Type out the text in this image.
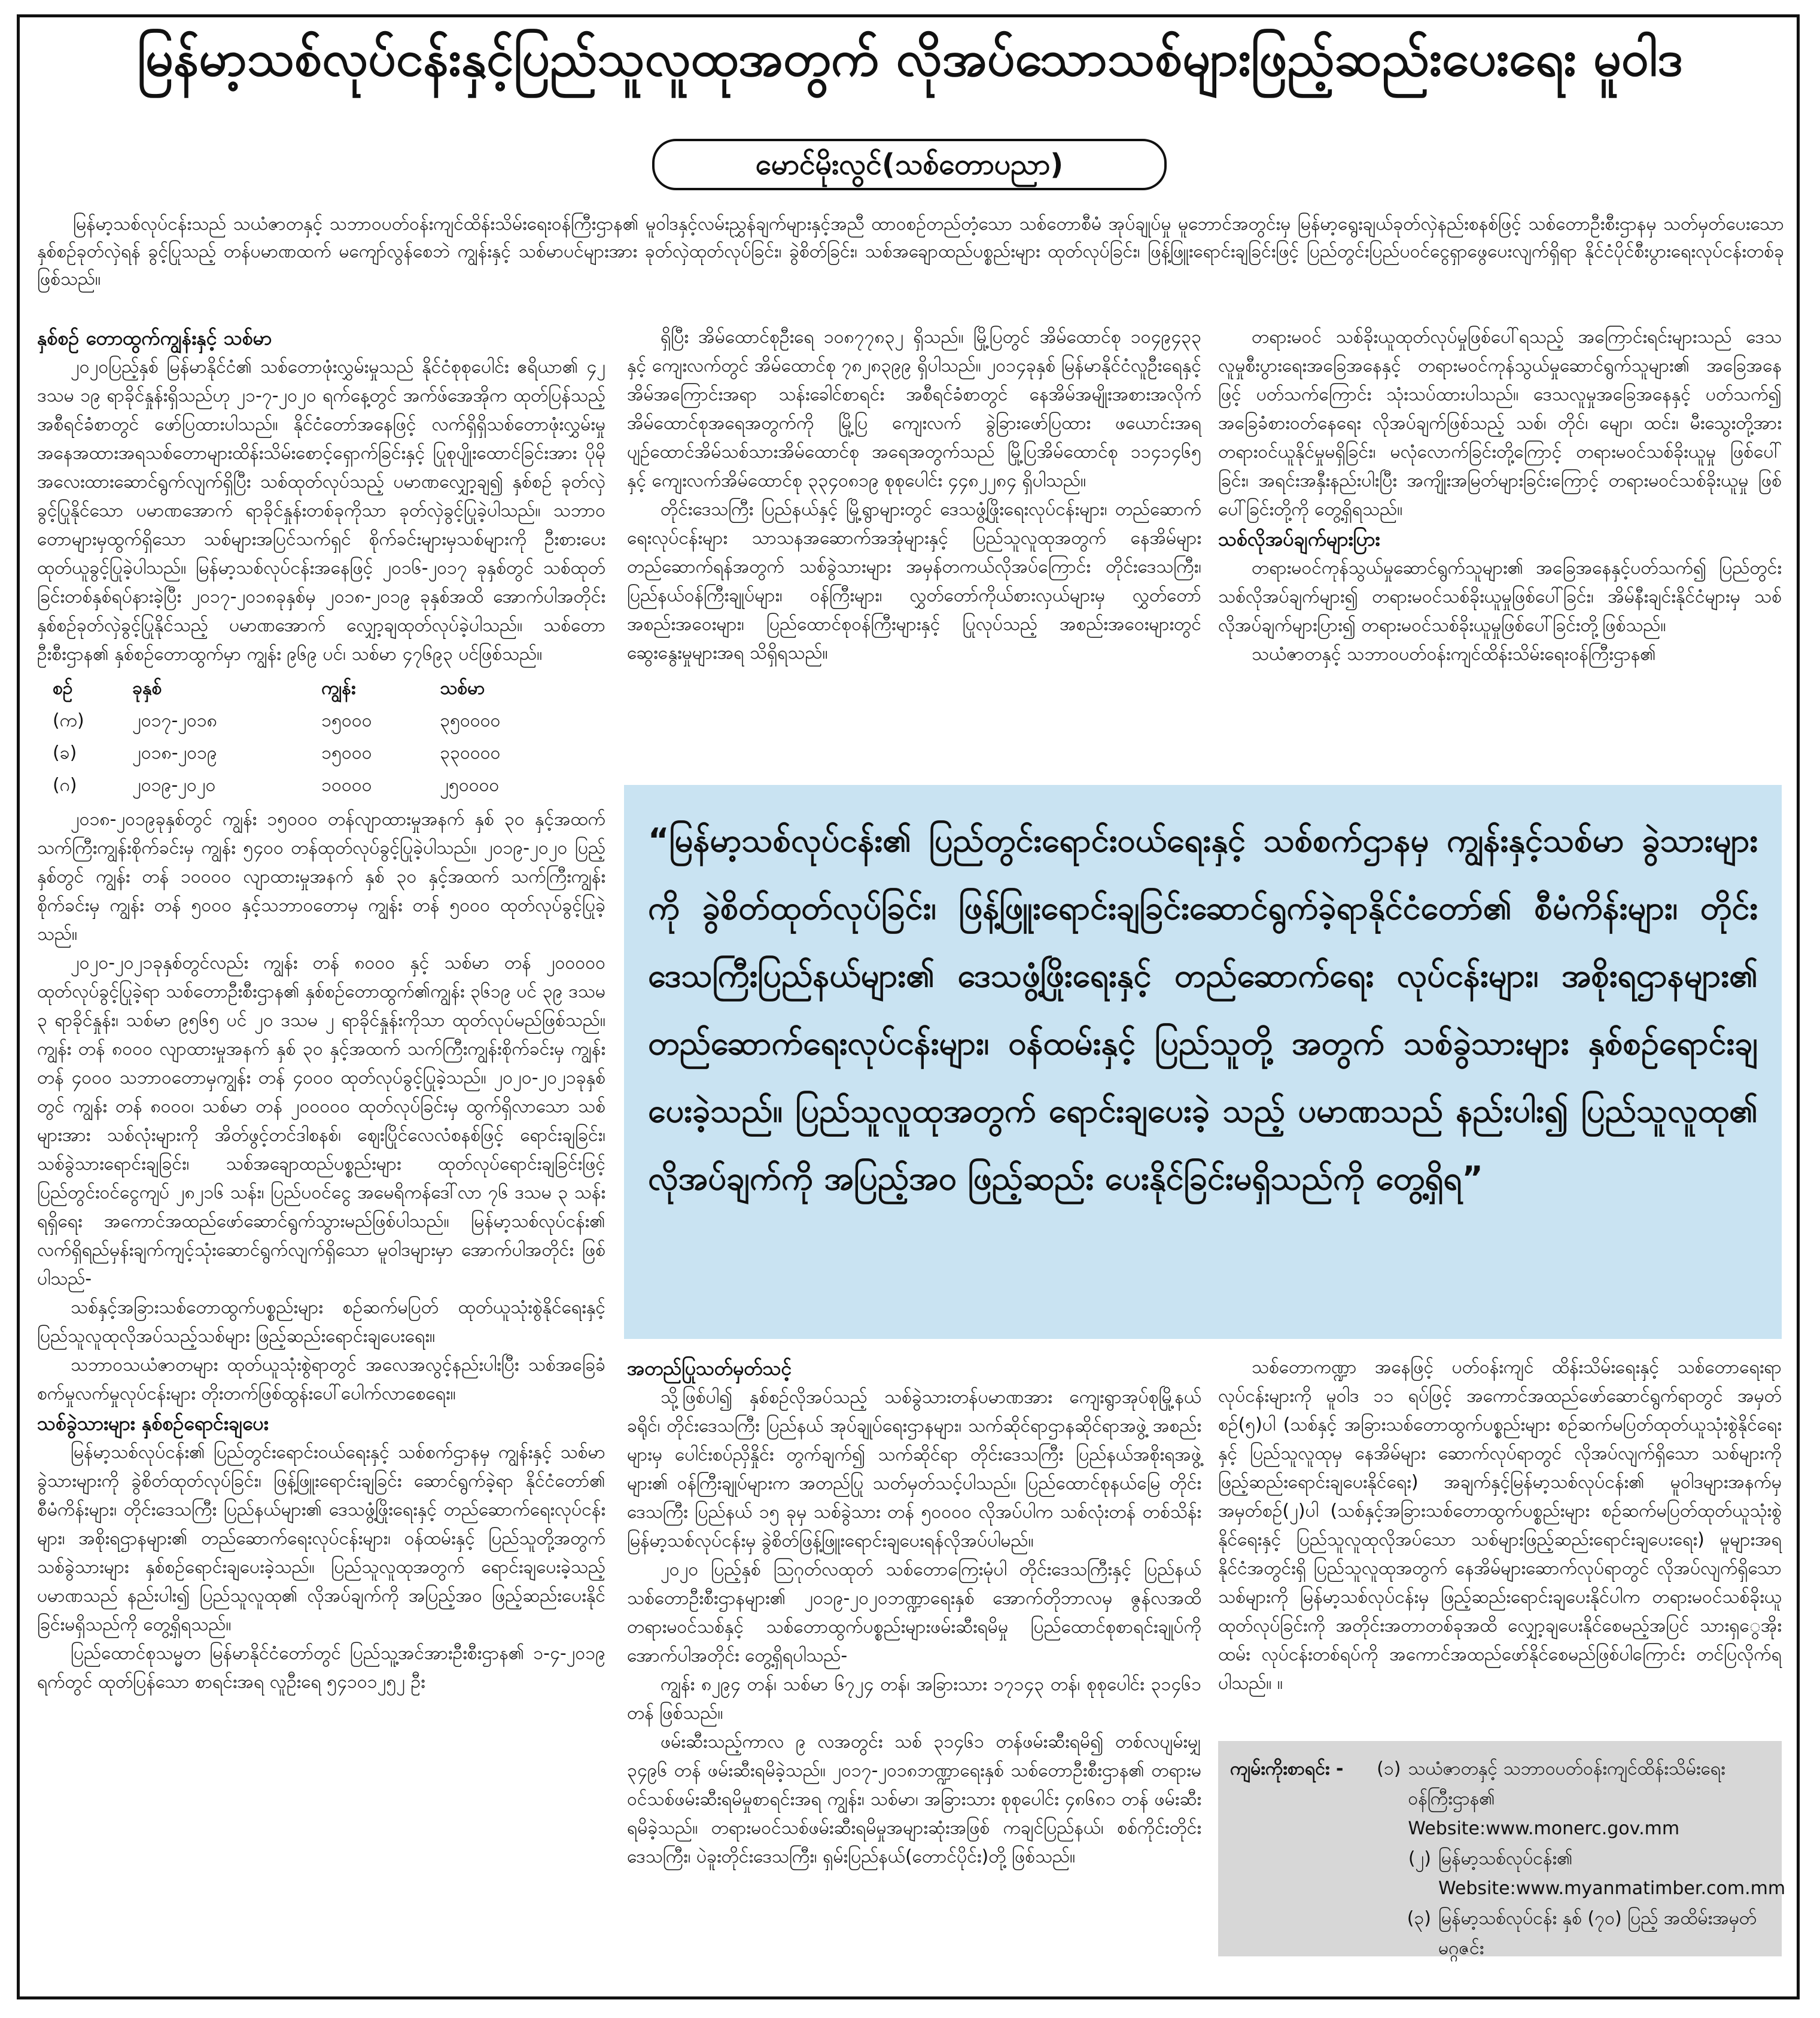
မြန်မာ့သစ်လုပ်ငန်းနှင့်ပြည်သူလူထုအတွက် လိုအပ်သောသစ်များဖြည့်ဆည်းပေးရေး မူဝါဒ
မောင်မိုးလွင်(သစ်တောပညာ)
မြန်မာ့သစ်လုပ်ငန်းသည် သယံဇာတနှင့် သဘာဝပတ်ဝန်းကျင်ထိန်းသိမ်းရေးဝန်ကြီးဌာန၏ မူဝါဒနှင့်လမ်းညွှန်ချက်များနှင့်အညီ ထာဝစဉ်တည်တံ့သော သစ်တောစီမံ အုပ်ချုပ်မှု မူဘောင်အတွင်းမှ မြန်မာ့ရွေးချယ်ခုတ်လှဲနည်းစနစ်ဖြင့် သစ်တောဦးစီးဌာနမှ သတ်မှတ်ပေးသော နှစ်စဉ်ခုတ်လှဲရန် ခွင့်ပြုသည့် တန်ပမာဏထက် မကျော်လွန်စေဘဲ ကျွန်းနှင့် သစ်မာပင်များအား ခုတ်လှဲထုတ်လုပ်ခြင်း၊ ခွဲစိတ်ခြင်း၊ သစ်အချောထည်ပစ္စည်းများ ထုတ်လုပ်ခြင်း၊ ဖြန့်ဖြူးရောင်းချခြင်းဖြင့် ပြည်တွင်းပြည်ပဝင်ငွေရှာဖွေပေးလျက်ရှိရာ နိုင်ငံပိုင်စီးပွားရေးလုပ်ငန်းတစ်ခုဖြစ်သည်။
နှစ်စဉ် တောထွက်ကျွန်းနှင့် သစ်မာ

၂၀၂၀ပြည့်နှစ် မြန်မာနိုင်ငံ၏ သစ်တောဖုံးလွှမ်းမှုသည် နိုင်ငံစုစုပေါင်း ဧရိယာ၏ ၄၂ ဒသမ ၁၉ ရာခိုင်နှုန်းရှိသည်ဟု ၂၁-၇-၂၀၂၀ ရက်နေ့တွင် အက်ဖ်အေအိုက ထုတ်ပြန်သည့် အစီရင်ခံစာတွင် ဖော်ပြထားပါသည်။ နိုင်ငံတော်အနေဖြင့် လက်ရှိရှိသစ်တောဖုံးလွှမ်းမှုအနေအထားအရသစ်တောများထိန်းသိမ်းစောင့်ရှောက်ခြင်းနှင့် ပြုစုပျိုးထောင်ခြင်းအား ပိုမိုအလေးထားဆောင်ရွက်လျက်ရှိပြီး သစ်ထုတ်လုပ်သည့် ပမာဏလျှော့ချ၍ နှစ်စဉ် ခုတ်လှဲခွင့်ပြုနိုင်သော ပမာဏအောက် ရာခိုင်နှုန်းတစ်ခုကိုသာ ခုတ်လှဲခွင့်ပြုခဲ့ပါသည်။ သဘာဝတောများမှထွက်ရှိသော သစ်များအပြင်သက်ရှင် စိုက်ခင်းများမှသစ်များကို ဦးစားပေးထုတ်ယူခွင့်ပြုခဲ့ပါသည်။ မြန်မာ့သစ်လုပ်ငန်းအနေဖြင့် ၂၀၁၆-၂၀၁၇ ခုနှစ်တွင် သစ်ထုတ်ခြင်းတစ်နှစ်ရပ်နားခဲ့ပြီး ၂၀၁၇-၂၀၁၈ခုနှစ်မှ ၂၀၁၈-၂၀၁၉ ခုနှစ်အထိ အောက်ပါအတိုင်း နှစ်စဉ်ခုတ်လှဲခွင့်ပြုနိုင်သည့် ပမာဏအောက် လျှော့ချထုတ်လုပ်ခဲ့ပါသည်။ သစ်တောဦးစီးဌာန၏ နှစ်စဉ်တောထွက်မှာ ကျွန်း ၉၆၉ ပင်၊ သစ်မာ ၄၇၆၉၃ ပင်ဖြစ်သည်။

စဉ်	ခုနှစ်	ကျွန်း	သစ်မာ
(က)	၂၀၁၇-၂၀၁၈	၁၅၀၀၀	၃၅၀၀၀၀
(ခ)	၂၀၁၈-၂၀၁၉	၁၅၀၀၀	၃၃၀၀၀၀
(ဂ)	၂၀၁၉-၂၀၂၀	၁၀၀၀၀	၂၅၀၀၀၀

၂၀၁၈-၂၀၁၉ခုနှစ်တွင် ကျွန်း ၁၅၀၀၀ တန်လျာထားမှုအနက် နှစ် ၃၀ နှင့်အထက် သက်ကြီးကျွန်းစိုက်ခင်းမှ ကျွန်း ၅၄၀၀ တန်ထုတ်လုပ်ခွင့်ပြုခဲ့ပါသည်။ ၂၀၁၉-၂၀၂၀ ပြည့်နှစ်တွင် ကျွန်း တန် ၁၀၀၀၀ လျာထားမှုအနက် နှစ် ၃၀ နှင့်အထက် သက်ကြီးကျွန်းစိုက်ခင်းမှ ကျွန်း တန် ၅၀၀၀ နှင့်သဘာဝတောမှ ကျွန်း တန် ၅၀၀၀ ထုတ်လုပ်ခွင့်ပြုခဲ့သည်။

၂၀၂၀-၂၀၂၁ခုနှစ်တွင်လည်း ကျွန်း တန် ၈၀၀၀ နှင့် သစ်မာ တန် ၂၀၀၀၀၀ ထုတ်လုပ်ခွင့်ပြုခဲ့ရာ သစ်တောဦးစီးဌာန၏ နှစ်စဉ်တောထွက်၏ကျွန်း ၃၆၁၉ ပင် ၃၉ ဒသမ ၃ ရာခိုင်နှုန်း၊ သစ်မာ ၉၅၆၅ ပင် ၂၀ ဒသမ ၂ ရာခိုင်နှုန်းကိုသာ ထုတ်လုပ်မည်ဖြစ်သည်။ ကျွန်း တန် ၈၀၀၀ လျာထားမှုအနက် နှစ် ၃၀ နှင့်အထက် သက်ကြီးကျွန်းစိုက်ခင်းမှ ကျွန်း တန် ၄၀၀၀ သဘာဝတောမှကျွန်း တန် ၄၀၀၀ ထုတ်လုပ်ခွင့်ပြုခဲ့သည်။ ၂၀၂၀-၂၀၂၁ခုနှစ်တွင် ကျွန်း တန် ၈၀၀၀၊ သစ်မာ တန် ၂၀၀၀၀၀ ထုတ်လုပ်ခြင်းမှ ထွက်ရှိလာသော သစ်များအား သစ်လုံးများကို အိတ်ဖွင့်တင်ဒါစနစ်၊ ဈေးပြိုင်လေလံစနစ်ဖြင့် ရောင်းချခြင်း၊ သစ်ခွဲသားရောင်းချခြင်း၊ သစ်အချောထည်ပစ္စည်းများ ထုတ်လုပ်ရောင်းချခြင်းဖြင့် ပြည်တွင်းဝင်ငွေကျပ် ၂၈၂၁၆ သန်း၊ ပြည်ပဝင်ငွေ အမေရိကန်ဒေါ်လာ ၇၆ ဒသမ ၃ သန်းရရှိရေး အကောင်အထည်ဖော်ဆောင်ရွက်သွားမည်ဖြစ်ပါသည်။ မြန်မာ့သစ်လုပ်ငန်း၏ လက်ရှိရည်မှန်းချက်ကျင့်သုံးဆောင်ရွက်လျက်ရှိသော မူဝါဒများမှာ အောက်ပါအတိုင်း ဖြစ်ပါသည်-

သစ်နှင့်အခြားသစ်တောထွက်ပစ္စည်းများ စဉ်ဆက်မပြတ် ထုတ်ယူသုံးစွဲနိုင်ရေးနှင့် ပြည်သူလူထုလိုအပ်သည့်သစ်များ ဖြည့်ဆည်းရောင်းချပေးရေး။

သဘာဝသယံဇာတများ ထုတ်ယူသုံးစွဲရာတွင် အလေအလွင့်နည်းပါးပြီး သစ်အခြေခံ စက်မှုလက်မှုလုပ်ငန်းများ တိုးတက်ဖြစ်ထွန်းပေါ်ပေါက်လာစေရေး။

သစ်ခွဲသားများ နှစ်စဉ်ရောင်းချပေး

မြန်မာ့သစ်လုပ်ငန်း၏ ပြည်တွင်းရောင်းဝယ်ရေးနှင့် သစ်စက်ဌာနမှ ကျွန်းနှင့် သစ်မာ ခွဲသားများကို ခွဲစိတ်ထုတ်လုပ်ခြင်း၊ ဖြန့်ဖြူးရောင်းချခြင်း ဆောင်ရွက်ခဲ့ရာ နိုင်ငံတော်၏ စီမံကိန်းများ၊ တိုင်းဒေသကြီး ပြည်နယ်များ၏ ဒေသဖွံ့ဖြိုးရေးနှင့် တည်ဆောက်ရေးလုပ်ငန်းများ၊ အစိုးရဌာနများ၏ တည်ဆောက်ရေးလုပ်ငန်းများ၊ ဝန်ထမ်းနှင့် ပြည်သူတို့အတွက် သစ်ခွဲသားများ နှစ်စဉ်ရောင်းချပေးခဲ့သည်။ ပြည်သူလူထုအတွက် ရောင်းချပေးခဲ့သည့် ပမာဏသည် နည်းပါး၍ ပြည်သူလူထု၏ လိုအပ်ချက်ကို အပြည့်အဝ ဖြည့်ဆည်းပေးနိုင်ခြင်းမရှိသည်ကို တွေ့ရှိရသည်။

ပြည်ထောင်စုသမ္မတ မြန်မာနိုင်ငံတော်တွင် ပြည်သူ့အင်အားဦးစီးဌာန၏ ၁-၄-၂၀၁၉ ရက်တွင် ထုတ်ပြန်သော စာရင်းအရ လူဦးရေ ၅၄၁၀၁၂၅၂ ဦး

ရှိပြီး အိမ်ထောင်စုဦးရေ ၁၀၈၇၇၈၃၂ ရှိသည်။ မြို့ပြတွင် အိမ်ထောင်စု ၁၀၄၉၄၃၃ နှင့် ကျေးလက်တွင် အိမ်ထောင်စု ၇၈၂၈၃၉၉ ရှိပါသည်။ ၂၀၁၄ခုနှစ် မြန်မာနိုင်ငံလူဦးရေနှင့် အိမ်အကြောင်းအရာ သန်းခေါင်စာရင်း အစီရင်ခံစာတွင် နေအိမ်အမျိုးအစားအလိုက် အိမ်ထောင်စုအရေအတွက်ကို မြို့ပြ ကျေးလက် ခွဲခြားဖော်ပြထား ဖယောင်းအရ ပျဉ်ထောင်အိမ်သစ်သားအိမ်ထောင်စု အရေအတွက်သည် မြို့ပြအိမ်ထောင်စု ၁၁၄၁၄၆၅ နှင့် ကျေးလက်အိမ်ထောင်စု ၃၃၄၀၈၁၉ စုစုပေါင်း ၄၄၈၂၂၈၄ ရှိပါသည်။

တိုင်းဒေသကြီး ပြည်နယ်နှင့် မြို့ရွာများတွင် ဒေသဖွံ့ဖြိုးရေးလုပ်ငန်းများ၊ တည်ဆောက်ရေးလုပ်ငန်းများ သာသနအဆောက်အအုံများနှင့် ပြည်သူလူထုအတွက် နေအိမ်များတည်ဆောက်ရန်အတွက် သစ်ခွဲသားများ အမှန်တကယ်လိုအပ်ကြောင်း တိုင်းဒေသကြီး၊ ပြည်နယ်ဝန်ကြီးချုပ်များ၊ ဝန်ကြီးများ၊ လွှတ်တော်ကိုယ်စားလှယ်များမှ လွှတ်တော်အစည်းအဝေးများ၊ ပြည်ထောင်စုဝန်ကြီးများနှင့် ပြုလုပ်သည့် အစည်းအဝေးများတွင် ဆွေးနွေးမှုများအရ သိရှိရသည်။

တရားမဝင် သစ်ခိုးယူထုတ်လုပ်မှုဖြစ်ပေါ်ရသည့် အကြောင်းရင်းများသည် ဒေသလူမှုစီးပွားရေးအခြေအနေနှင့် တရားမဝင်ကုန်သွယ်မှုဆောင်ရွက်သူများ၏ အခြေအနေဖြင့် ပတ်သက်ကြောင်း သုံးသပ်ထားပါသည်။ ဒေသလူမှုအခြေအနေနှင့် ပတ်သက်၍ အခြေခံစားဝတ်နေရေး လိုအပ်ချက်ဖြစ်သည့် သစ်၊ တိုင်၊ မျော၊ ထင်း၊ မီးသွေးတို့အား တရားဝင်ယူနိုင်မှုမရှိခြင်း၊ မလုံလောက်ခြင်းတို့ကြောင့် တရားမဝင်သစ်ခိုးယူမှု ဖြစ်ပေါ်ခြင်း၊ အရင်းအနှီးနည်းပါးပြီး အကျိုးအမြတ်များခြင်းကြောင့် တရားမဝင်သစ်ခိုးယူမှု ဖြစ်ပေါ်ခြင်းတို့ကို တွေ့ရှိရသည်။

သစ်လိုအပ်ချက်များပြား

တရားမဝင်ကုန်သွယ်မှုဆောင်ရွက်သူများ၏ အခြေအနေနှင့်ပတ်သက်၍ ပြည်တွင်းသစ်လိုအပ်ချက်များ၍ တရားမဝင်သစ်ခိုးယူမှုဖြစ်ပေါ်ခြင်း၊ အိမ်နီးချင်းနိုင်ငံများမှ သစ်လိုအပ်ချက်များပြား၍ တရားမဝင်သစ်ခိုးယူမှုဖြစ်ပေါ်ခြင်းတို့ဖြစ်သည်။

သယံဇာတနှင့် သဘာဝပတ်ဝန်းကျင်ထိန်းသိမ်းရေးဝန်ကြီးဌာန၏

“မြန်မာ့သစ်လုပ်ငန်း၏ ပြည်တွင်းရောင်းဝယ်ရေးနှင့် သစ်စက်ဌာနမှ ကျွန်းနှင့်သစ်မာ ခွဲသားများကို ခွဲစိတ်ထုတ်လုပ်ခြင်း၊ ဖြန့်ဖြူးရောင်းချခြင်းဆောင်ရွက်ခဲ့ရာနိုင်ငံတော်၏ စီမံကိန်းများ၊ တိုင်းဒေသကြီးပြည်နယ်များ၏ ဒေသဖွံ့ဖြိုးရေးနှင့် တည်ဆောက်ရေး လုပ်ငန်းများ၊ အစိုးရဌာနများ၏ တည်ဆောက်ရေးလုပ်ငန်းများ၊ ဝန်ထမ်းနှင့် ပြည်သူတို့ အတွက် သစ်ခွဲသားများ နှစ်စဉ်ရောင်းချပေးခဲ့သည်။ ပြည်သူလူထုအတွက် ရောင်းချပေးခဲ့ သည့် ပမာဏသည် နည်းပါး၍ ပြည်သူလူထု၏ လိုအပ်ချက်ကို အပြည့်အဝ ဖြည့်ဆည်း ပေးနိုင်ခြင်းမရှိသည်ကို တွေ့ရှိရ”
အတည်ပြုသတ်မှတ်သင့်

သို့ဖြစ်ပါ၍ နှစ်စဉ်လိုအပ်သည့် သစ်ခွဲသားတန်ပမာဏအား ကျေးရွာအုပ်စုမြို့နယ် ခရိုင်၊ တိုင်းဒေသကြီး ပြည်နယ် အုပ်ချုပ်ရေးဌာနများ၊ သက်ဆိုင်ရာဌာနဆိုင်ရာအဖွဲ့ အစည်းများမှ ပေါင်းစပ်ညှိနှိုင်း တွက်ချက်၍ သက်ဆိုင်ရာ တိုင်းဒေသကြီး ပြည်နယ်အစိုးရအဖွဲ့များ၏ ဝန်ကြီးချုပ်များက အတည်ပြု သတ်မှတ်သင့်ပါသည်။ ပြည်ထောင်စုနယ်မြေ တိုင်းဒေသကြီး ပြည်နယ် ၁၅ ခုမှ သစ်ခွဲသား တန် ၅၀၀၀၀ လိုအပ်ပါက သစ်လုံးတန် တစ်သိန်း မြန်မာ့သစ်လုပ်ငန်းမှ ခွဲစိတ်ဖြန့်ဖြူးရောင်းချပေးရန်လိုအပ်ပါမည်။

၂၀၂၀ ပြည့်နှစ် ဩဂုတ်လထုတ် သစ်တောကြေးမုံပါ တိုင်းဒေသကြီးနှင့် ပြည်နယ် သစ်တောဦးစီးဌာနများ၏ ၂၀၁၉-၂၀၂၀ဘဏ္ဍာရေးနှစ် အောက်တိုဘာလမှ ဇွန်လအထိ တရားမဝင်သစ်နှင့် သစ်တောထွက်ပစ္စည်းများဖမ်းဆီးရမိမှု ပြည်ထောင်စုစာရင်းချုပ်ကို အောက်ပါအတိုင်း တွေ့ရှိရပါသည်-

ကျွန်း ၈၂၉၄ တန်၊ သစ်မာ ၆၇၂၄ တန်၊ အခြားသား ၁၇၁၄၃ တန်၊ စုစုပေါင်း ၃၁၄၆၁ တန် ဖြစ်သည်။

ဖမ်းဆီးသည့်ကာလ ၉ လအတွင်း သစ် ၃၁၄၆၁ တန်ဖမ်းဆီးရမိ၍ တစ်လပျမ်းမျှ ၃၄၉၆ တန် ဖမ်းဆီးရမိခဲ့သည်။ ၂၀၁၇-၂၀၁၈ဘဏ္ဍာရေးနှစ် သစ်တောဦးစီးဌာန၏ တရားမဝင်သစ်ဖမ်းဆီးရမိမှုစာရင်းအရ ကျွန်း၊ သစ်မာ၊ အခြားသား စုစုပေါင်း ၄၈၆၈၁ တန် ဖမ်းဆီးရမိခဲ့သည်။ တရားမဝင်သစ်ဖမ်းဆီးရမိမှုအများဆုံးအဖြစ် ကချင်ပြည်နယ်၊ စစ်ကိုင်းတိုင်းဒေသကြီး၊ ပဲခူးတိုင်းဒေသကြီး၊ ရှမ်းပြည်နယ်(တောင်ပိုင်း)တို့ ဖြစ်သည်။

သစ်တောကဏ္ဍာ အနေဖြင့် ပတ်ဝန်းကျင် ထိန်းသိမ်းရေးနှင့် သစ်တောရေးရာ လုပ်ငန်းများကို မူဝါဒ ၁၁ ရပ်ဖြင့် အကောင်အထည်ဖော်ဆောင်ရွက်ရာတွင် အမှတ်စဉ်(၅)ပါ (သစ်နှင့် အခြားသစ်တောထွက်ပစ္စည်းများ စဉ်ဆက်မပြတ်ထုတ်ယူသုံးစွဲနိုင်ရေးနှင့် ပြည်သူလူထုမှ နေအိမ်များ ဆောက်လုပ်ရာတွင် လိုအပ်လျက်ရှိသော သစ်များကို ဖြည့်ဆည်းရောင်းချပေးနိုင်ရေး) အချက်နှင့်မြန်မာ့သစ်လုပ်ငန်း၏ မူဝါဒများအနက်မှ အမှတ်စဉ်(၂)ပါ (သစ်နှင့်အခြားသစ်တောထွက်ပစ္စည်းများ စဉ်ဆက်မပြတ်ထုတ်ယူသုံးစွဲနိုင်ရေးနှင့် ပြည်သူလူထုလိုအပ်သော သစ်များဖြည့်ဆည်းရောင်းချပေးရေး) မူများအရ နိုင်ငံအတွင်းရှိ ပြည်သူလူထုအတွက် နေအိမ်များဆောက်လုပ်ရာတွင် လိုအပ်လျက်ရှိသော သစ်များကို မြန်မာ့သစ်လုပ်ငန်းမှ ဖြည့်ဆည်းရောင်းချပေးနိုင်ပါက တရားမဝင်သစ်ခိုးယူ ထုတ်လုပ်ခြင်းကို အတိုင်းအတာတစ်ခုအထိ လျှော့ချပေးနိုင်စေမည့်အပြင် သားရှွေအိုးထမ်း လုပ်ငန်းတစ်ရပ်ကို အကောင်အထည်ဖော်နိုင်စေမည်ဖြစ်ပါကြောင်း တင်ပြလိုက်ရပါသည်။ ။

ကျမ်းကိုးစာရင်း -	(၁) သယံဇာတနှင့် သဘာဝပတ်ဝန်းကျင်ထိန်းသိမ်းရေးဝန်ကြီးဌာန၏ Website:www.monerc.gov.mm
(၂) မြန်မာ့သစ်လုပ်ငန်း၏ Website:www.myanmatimber.com.mm
(၃) မြန်မာ့သစ်လုပ်ငန်း နှစ် (၇၀) ပြည့် အထိမ်းအမှတ် မဂ္ဂဇင်း
